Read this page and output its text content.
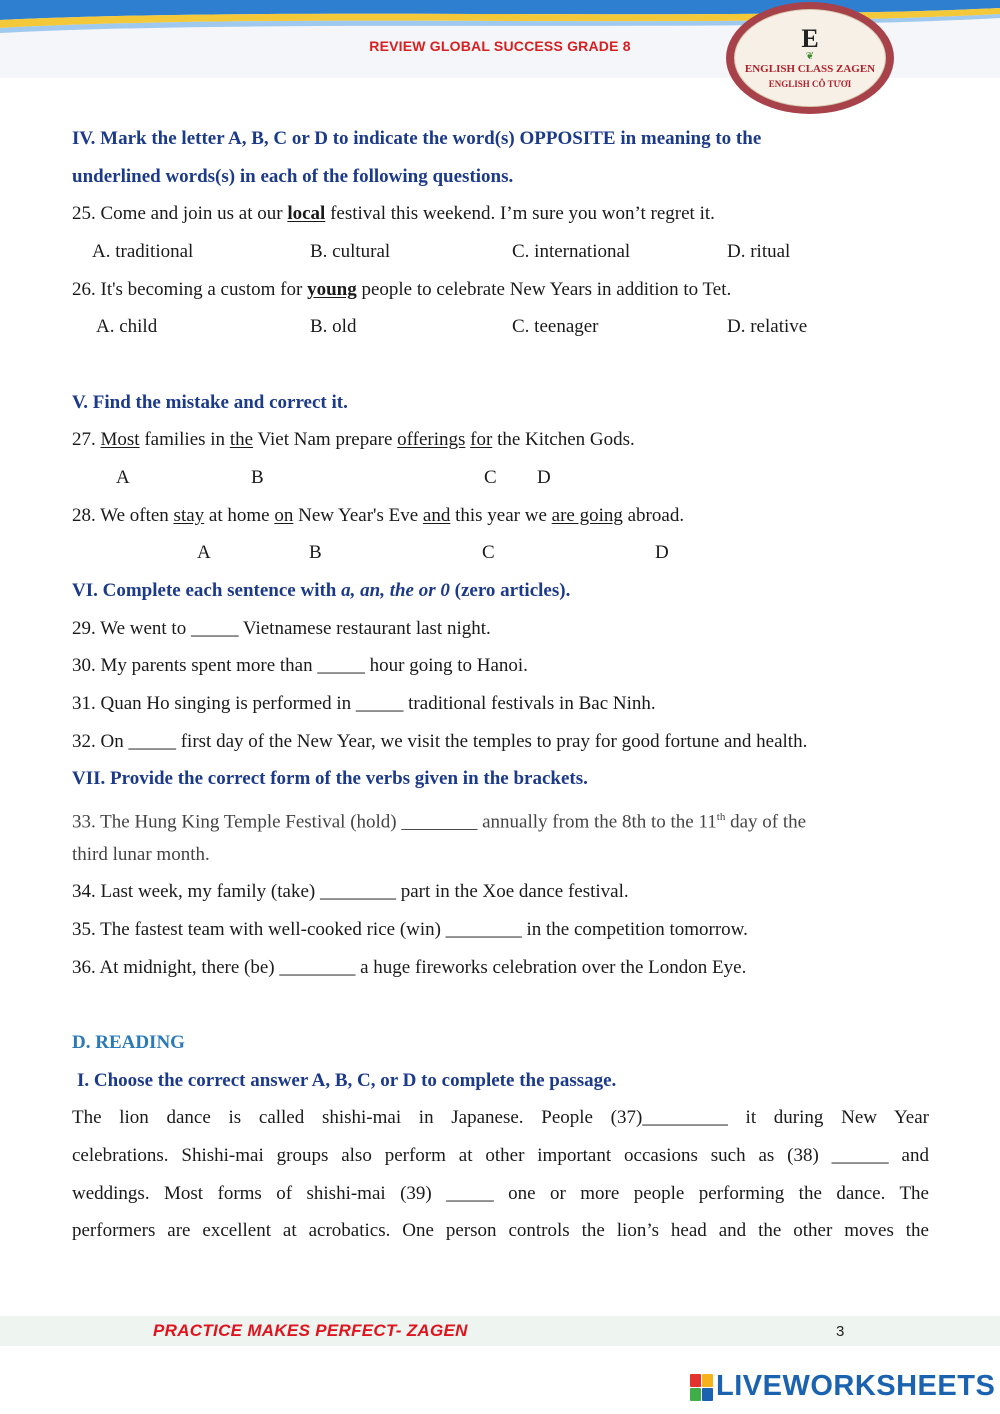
REVIEW GLOBAL SUCCESS GRADE 8	E
❦
ENGLISH CLASS ZAGEN
ENGLISH CÔ TƯƠI
IV. Mark the letter A, B, C or D to indicate the word(s) OPPOSITE in meaning to the
underlined words(s) in each of the following questions.
25. Come and join us at our local festival this weekend. I’m sure you won’t regret it.
A. traditional	B. cultural	C. international	D. ritual
26. It's becoming a custom for young people to celebrate New Years in addition to Tet.
A. child	B. old	C. teenager	D. relative
V. Find the mistake and correct it.
27. Most families in the Viet Nam prepare offerings for the Kitchen Gods.
A	B	C D
28. We often stay at home on New Year's Eve and this year we are going abroad.
A	B	C	D
VI. Complete each sentence with a, an, the or 0 (zero articles).
29. We went to _____ Vietnamese restaurant last night.
30. My parents spent more than _____ hour going to Hanoi.
31. Quan Ho singing is performed in _____ traditional festivals in Bac Ninh.
32. On _____ first day of the New Year, we visit the temples to pray for good fortune and health.
VII. Provide the correct form of the verbs given in the brackets.
33. The Hung King Temple Festival (hold) ________ annually from the 8th to the 11th day of the
third lunar month.
34. Last week, my family (take) ________ part in the Xoe dance festival.
35. The fastest team with well-cooked rice (win) ________ in the competition tomorrow.
36. At midnight, there (be) ________ a huge fireworks celebration over the London Eye.
D. READING
I. Choose the correct answer A, B, C, or D to complete the passage.
The lion dance is called shishi-mai in Japanese. People (37)_________ it during New Year
celebrations. Shishi-mai groups also perform at other important occasions such as (38) ______ and
weddings. Most forms of shishi-mai (39) _____ one or more people performing the dance. The
performers are excellent at acrobatics. One person controls the lion’s head and the other moves the
PRACTICE MAKES PERFECT- ZAGEN	3
LIVEWORKSHEETS
